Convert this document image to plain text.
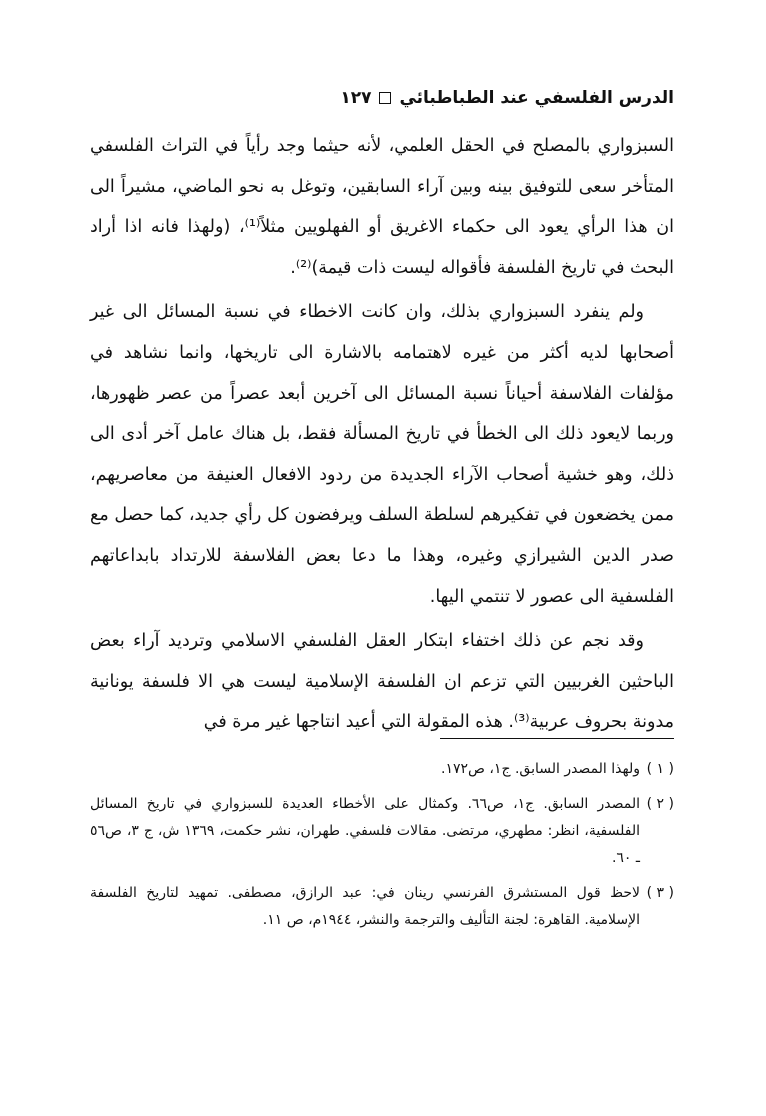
الدرس الفلسفي عند الطباطبائي
١٢٧

السبزواري بالمصلح في الحقل العلمي، لأنه حيثما وجد رأياً في التراث الفلسفي المتأخر سعى للتوفيق بينه وبين آراء السابقين، وتوغل به نحو الماضي، مشيراً الى ان هذا الرأي يعود الى حكماء الاغريق أو الفهلويين مثلاً⁽¹⁾، (ولهذا فانه اذا أراد البحث في تاريخ الفلسفة فأقواله ليست ذات قيمة)⁽²⁾.

ولم ينفرد السبزواري بذلك، وان كانت الاخطاء في نسبة المسائل الى غير أصحابها لديه أكثر من غيره لاهتمامه بالاشارة الى تاريخها، وانما نشاهد في مؤلفات الفلاسفة أحياناً نسبة المسائل الى آخرين أبعد عصراً من عصر ظهورها، وربما لايعود ذلك الى الخطأ في تاريخ المسألة فقط، بل هناك عامل آخر أدى الى ذلك، وهو خشية أصحاب الآراء الجديدة من ردود الافعال العنيفة من معاصريهم، ممن يخضعون في تفكيرهم لسلطة السلف ويرفضون كل رأي جديد، كما حصل مع صدر الدين الشيرازي وغيره، وهذا ما دعا بعض الفلاسفة للارتداد بابداعاتهم الفلسفية الى عصور لا تنتمي اليها.

وقد نجم عن ذلك اختفاء ابتكار العقل الفلسفي الاسلامي وترديد آراء بعض الباحثين الغربيين التي تزعم ان الفلسفة الإسلامية ليست هي الا فلسفة يونانية مدونة بحروف عربية⁽³⁾. هذه المقولة التي أعيد انتاجها غير مرة في

( ١ )
ولهذا المصدر السابق. ج١، ص١٧٢.
( ٢ )
المصدر السابق. ج١، ص٦٦. وكمثال على الأخطاء العديدة للسبزواري في تاريخ المسائل الفلسفية، انظر: مطهري، مرتضى. مقالات فلسفي. طهران، نشر حكمت، ١٣٦٩ ش، ج ٣، ص٥٦ ـ ٦٠.
( ٣ )
لاحظ قول المستشرق الفرنسي رينان في: عبد الرازق، مصطفى. تمهيد لتاريخ الفلسفة الإسلامية. القاهرة: لجنة التأليف والترجمة والنشر، ١٩٤٤م، ص ١١.
